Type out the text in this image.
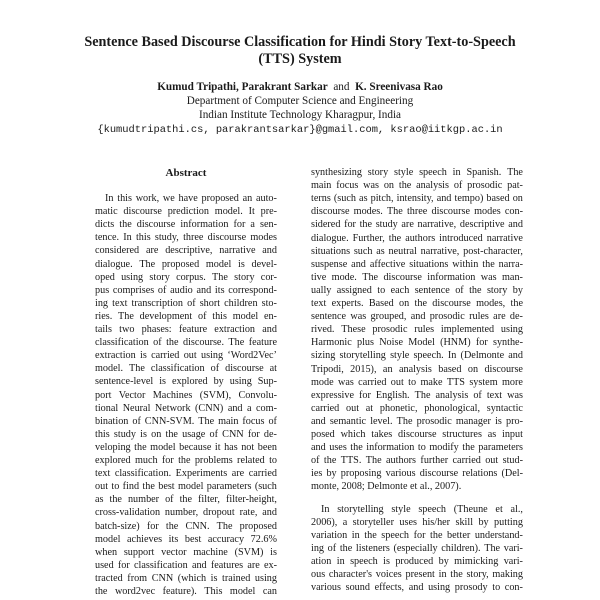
Sentence Based Discourse Classification for Hindi Story Text-to-Speech
(TTS) System
Kumud Tripathi, Parakrant Sarkar and K. Sreenivasa Rao
Department of Computer Science and Engineering
Indian Institute Technology Kharagpur, India
{kumudtripathi.cs, parakrantsarkar}@gmail.com, ksrao@iitkgp.ac.in
Abstract
In this work, we have proposed an auto-
matic discourse prediction model. It pre-
dicts the discourse information for a sen-
tence. In this study, three discourse modes
considered are descriptive, narrative and
dialogue. The proposed model is devel-
oped using story corpus. The story cor-
pus comprises of audio and its correspond-
ing text transcription of short children sto-
ries. The development of this model en-
tails two phases: feature extraction and
classification of the discourse. The feature
extraction is carried out using ‘Word2Vec’
model. The classification of discourse at
sentence-level is explored by using Sup-
port Vector Machines (SVM), Convolu-
tional Neural Network (CNN) and a com-
bination of CNN-SVM. The main focus of
this study is on the usage of CNN for de-
veloping the model because it has not been
explored much for the problems related to
text classification. Experiments are carried
out to find the best model parameters (such
as the number of the filter, filter-height,
cross-validation number, dropout rate, and
batch-size) for the CNN. The proposed
model achieves its best accuracy 72.6%
when support vector machine (SVM) is
used for classification and features are ex-
tracted from CNN (which is trained using
the word2vec feature). This model can
synthesizing story style speech in Spanish. The
main focus was on the analysis of prosodic pat-
terns (such as pitch, intensity, and tempo) based on
discourse modes. The three discourse modes con-
sidered for the study are narrative, descriptive and
dialogue. Further, the authors introduced narrative
situations such as neutral narrative, post-character,
suspense and affective situations within the narra-
tive mode. The discourse information was man-
ually assigned to each sentence of the story by
text experts. Based on the discourse modes, the
sentence was grouped, and prosodic rules are de-
rived. These prosodic rules implemented using
Harmonic plus Noise Model (HNM) for synthe-
sizing storytelling style speech. In (Delmonte and
Tripodi, 2015), an analysis based on discourse
mode was carried out to make TTS system more
expressive for English. The analysis of text was
carried out at phonetic, phonological, syntactic
and semantic level. The prosodic manager is pro-
posed which takes discourse structures as input
and uses the information to modify the parameters
of the TTS. The authors further carried out stud-
ies by proposing various discourse relations (Del-
monte, 2008; Delmonte et al., 2007).
In storytelling style speech (Theune et al.,
2006), a storyteller uses his/her skill by putting
variation in the speech for the better understand-
ing of the listeners (especially children). The vari-
ation in speech is produced by mimicking vari-
ous character's voices present in the story, making
various sound effects, and using prosody to con-
